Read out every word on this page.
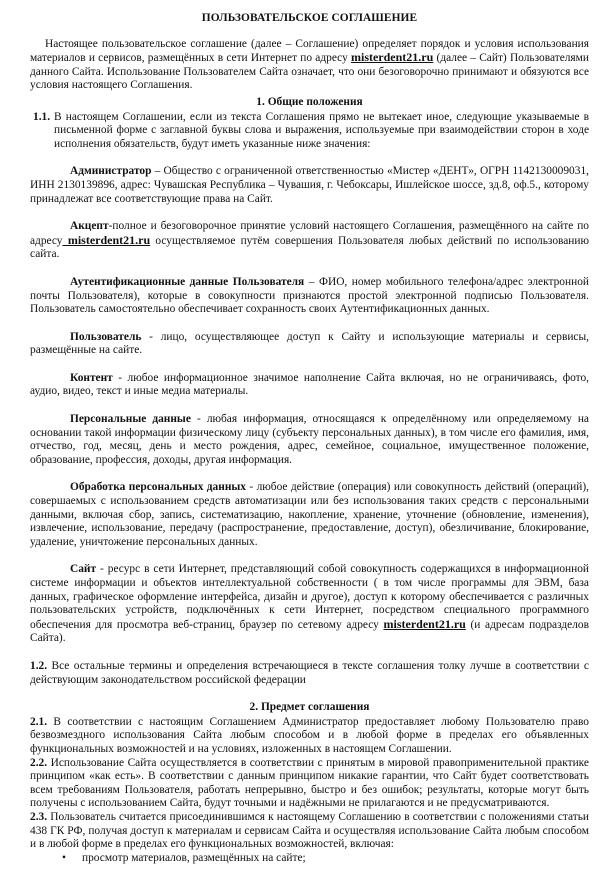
ПОЛЬЗОВАТЕЛЬСКОЕ СОГЛАШЕНИЕ

Настоящее пользовательское соглашение (далее – Соглашение) определяет порядок и условия использования материалов и сервисов, размещённых в сети Интернет по адресу misterdent21.ru (далее – Сайт) Пользователями данного Сайта. Использование Пользователем Сайта означает, что они безоговорочно принимают и обязуются все условия настоящего Соглашения.

1. Общие положения
1.1. В настоящем Соглашении, если из текста Соглашения прямо не вытекает иное, следующие указываемые в письменной форме с заглавной буквы слова и выражения, используемые при взаимодействии сторон в ходе исполнения обязательств, будут иметь указанные ниже значения:

Администратор – Общество с ограниченной ответственностью «Мистер «ДЕНТ», ОГРН 1142130009031, ИНН 2130139896, адрес: Чувашская Республика – Чувашия, г. Чебоксары, Ишлейское шоссе, зд.8, оф.5., которому принадлежат все соответствующие права на Сайт.

Акцепт-полное и безоговорочное принятие условий настоящего Соглашения, размещённого на сайте по адресу misterdent21.ru осуществляемое путём совершения Пользователя любых действий по использованию сайта.

Аутентификационные данные Пользователя – ФИО, номер мобильного телефона/адрес электронной почты Пользователя), которые в совокупности признаются простой электронной подписью Пользователя. Пользователь самостоятельно обеспечивает сохранность своих Аутентификационных данных.

Пользователь - лицо, осуществляющее доступ к Сайту и использующие материалы и сервисы, размещённые на сайте.

Контент - любое информационное значимое наполнение Сайта включая, но не ограничиваясь, фото, аудио, видео, текст и иные медиа материалы.

Персональные данные - любая информация, относящаяся к определённому или определяемому на основании такой информации физическому лицу (субъекту персональных данных), в том числе его фамилия, имя, отчество, год, месяц, день и место рождения, адрес, семейное, социальное, имущественное положение, образование, профессия, доходы, другая информация.

Обработка персональных данных - любое действие (операция) или совокупность действий (операций), совершаемых с использованием средств автоматизации или без использования таких средств с персональными данными, включая сбор, запись, систематизацию, накопление, хранение, уточнение (обновление, изменения), извлечение, использование, передачу (распространение, предоставление, доступ), обезличивание, блокирование, удаление, уничтожение персональных данных.

Сайт - ресурс в сети Интернет, представляющий собой совокупность содержащихся в информационной системе информации и объектов интеллектуальной собственности ( в том числе программы для ЭВМ, база данных, графическое оформление интерфейса, дизайн и другое), доступ к которому обеспечивается с различных пользовательских устройств, подключённых к сети Интернет, посредством специального программного обеспечения для просмотра веб-страниц, браузер по сетевому адресу misterdent21.ru (и адресам подразделов Сайта).

1.2. Все остальные термины и определения встречающиеся в тексте соглашения толку лучше в соответствии с действующим законодательством российской федерации

2. Предмет соглашения

2.1. В соответствии с настоящим Соглашением Администратор предоставляет любому Пользователю право безвозмездного использования Сайта любым способом и в любой форме в пределах его объявленных функциональных возможностей и на условиях, изложенных в настоящем Соглашении.

2.2. Использование Сайта осуществляется в соответствии с принятым в мировой правоприменительной практике принципом «как есть». В соответствии с данным принципом никакие гарантии, что Сайт будет соответствовать всем требованиям Пользователя, работать непрерывно, быстро и без ошибок; результаты, которые могут быть получены с использованием Сайта, будут точными и надёжными не прилагаются и не предусматриваются.

2.3. Пользователь считается присоединившимся к настоящему Соглашению в соответствии с положениями статьи 438 ГК РФ, получая доступ к материалам и сервисам Сайта и осуществляя использование Сайта любым способом и в любой форме в пределах его функциональных возможностей, включая:

• просмотр материалов, размещённых на сайте;
